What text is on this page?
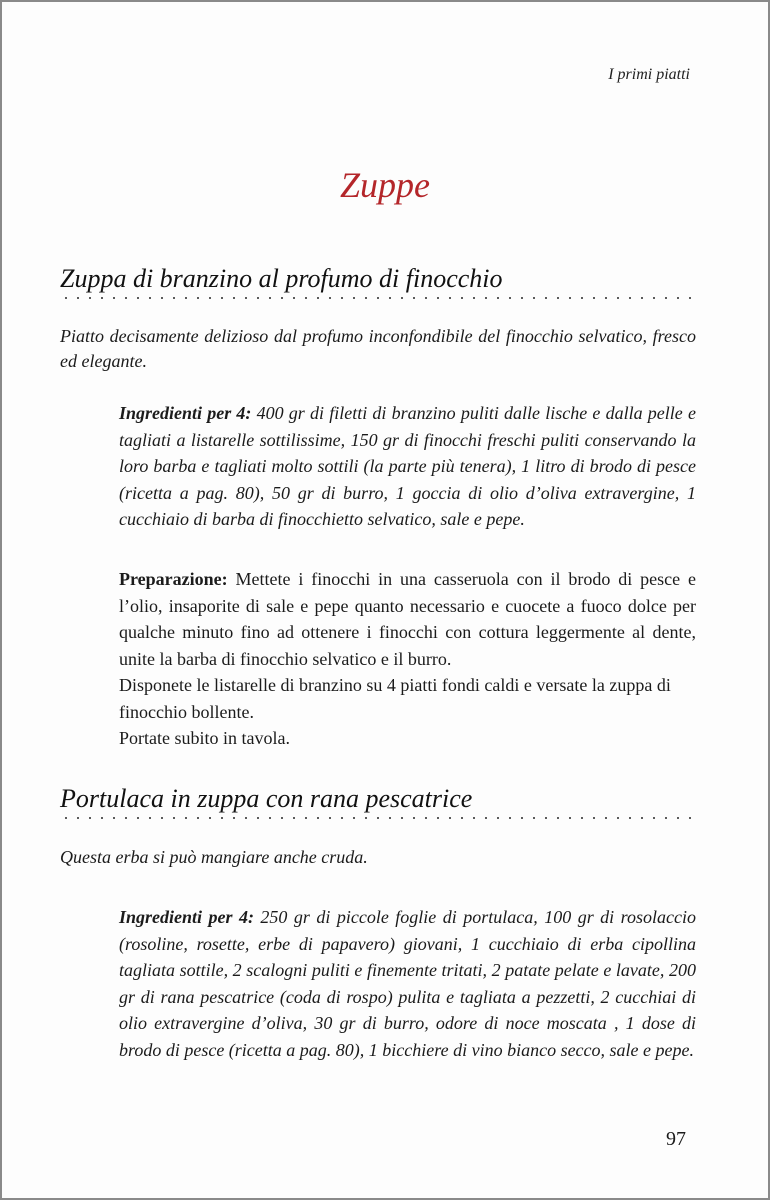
I primi piatti
Zuppe
Zuppa di branzino al profumo di finocchio

Piatto decisamente delizioso dal profumo inconfondibile del finocchio selvatico, fresco ed elegante.

Ingredienti per 4: 400 gr di filetti di branzino puliti dalle lische e dalla pelle e tagliati a listarelle sottilissime, 150 gr di finocchi freschi puliti conservando la loro barba e tagliati molto sottili (la parte più tenera), 1 litro di brodo di pesce (ricetta a pag. 80), 50 gr di burro, 1 goccia di olio d’oliva extravergine, 1 cucchiaio di barba di finocchietto selvatico, sale e pepe.

Preparazione: Mettete i finocchi in una casseruola con il brodo di pesce e l’olio, insaporite di sale e pepe quanto necessario e cuocete a fuoco dolce per qualche minuto fino ad ottenere i finocchi con cottura leggermente al dente, unite la barba di finocchio selvatico e il burro.

Disponete le listarelle di branzino su 4 piatti fondi caldi e versate la zuppa di finocchio bollente.

Portate subito in tavola.

Portulaca in zuppa con rana pescatrice

Questa erba si può mangiare anche cruda.

Ingredienti per 4: 250 gr di piccole foglie di portulaca, 100 gr di rosolaccio (rosoline, rosette, erbe di papavero) giovani, 1 cucchiaio di erba cipollina tagliata sottile, 2 scalogni puliti e finemente tritati, 2 patate pelate e lavate, 200 gr di rana pescatrice (coda di rospo) pulita e tagliata a pezzetti, 2 cucchiai di olio extravergine d’oliva, 30 gr di burro, odore di noce moscata , 1 dose di brodo di pesce (ricetta a pag. 80), 1 bicchiere di vino bianco secco, sale e pepe.

97
